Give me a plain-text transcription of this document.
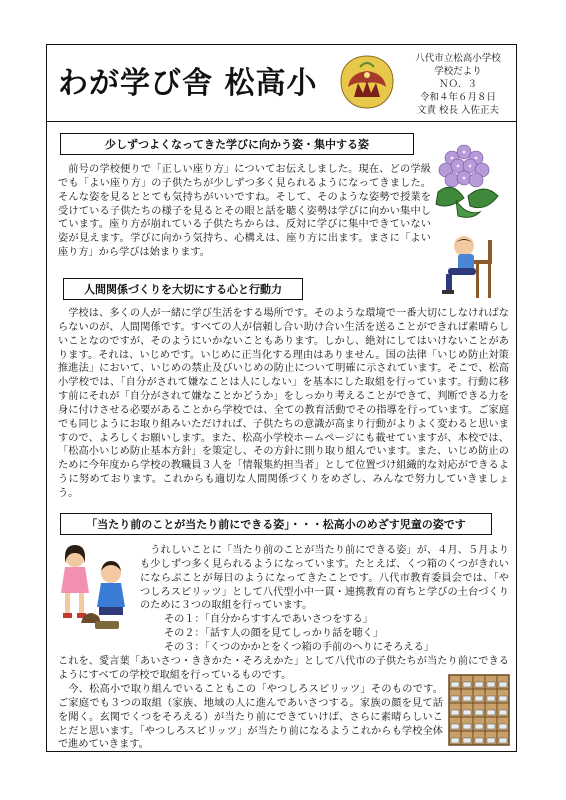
わが学び舎 松高小
八代市立松高小学校
学校だより
ＮＯ．３
令和４年６月８日
文責 校長 入佐正夫
少しずつよくなってきた学びに向かう姿・集中する姿
前号の学校便りで「正しい座り方」についてお伝えしました。現在、どの学級でも「よい座り方」の子供たちが少しずつ多く見られるようになってきました。そんな姿を見るととても気持ちがいいですね。そして、そのような姿勢で授業を受けている子供たちの様子を見るとその眼と話を聴く姿勢は学びに向かい集中しています。座り方が崩れている子供たちからは、反対に学びに集中できていない姿が見えます。学びに向かう気持ち、心構えは、座り方に出ます。まさに「よい座り方」から学びは始まります。
人間関係づくりを大切にする心と行動力
学校は、多くの人が一緒に学び生活をする場所です。そのような環境で一番大切にしなければならないのが、人間関係です。すべての人が信頼し合い助け合い生活を送ることができれば素晴らしいことなのですが、そのようにいかないこともあります。しかし、絶対にしてはいけないことがあります。それは、いじめです。いじめに正当化する理由はありません。国の法律「いじめ防止対策推進法」において、いじめの禁止及びいじめの防止について明確に示されています。そこで、松高小学校では、「自分がされて嫌なことは人にしない」を基本にした取組を行っています。行動に移す前にそれが「自分がされて嫌なことかどうか」をしっかり考えることができて、判断できる力を身に付けさせる必要があることから学校では、全ての教育活動でその指導を行っています。ご家庭でも同じようにお取り組みいただければ、子供たちの意識が高まり行動がよりよく変わると思いますので、よろしくお願いします。また、松高小学校ホームページにも載せていますが、本校では、「松高小いじめ防止基本方針」を策定し、その方針に則り取り組んでいます。また、いじめ防止のために今年度から学校の教職員３人を「情報集約担当者」として位置づけ組織的な対応ができるように努めております。これからも適切な人間関係づくりをめざし、みんなで努力していきましょう。
「当たり前のことが当たり前にできる姿」・・・松高小のめざす児童の姿です
うれしいことに「当たり前のことが当たり前にできる姿」が、４月、５月よりも少しずつ多く見られるようになっています。たとえば、くつ箱のくつがきれいにならぶことが毎日のようになってきたことです。八代市教育委員会では、「やつしろスピリッツ」として八代型小中一貫・連携教育の育ちと学びの土台づくりのために３つの取組を行っています。
その１：「自分からすすんであいさつをする」
その２：「話す人の顔を見てしっかり話を聴く」
その３：「くつのかかとをくつ箱の手前のへりにそろえる」
これを、愛言葉「あいさつ・ききかた・そろえかた」として八代市の子供たちが当たり前にできるようにすべての学校で取組を行っているものです。
今、松高小で取り組んでいることもこの「やつしろスピリッツ」そのものです。ご家庭でも３つの取組（家族、地域の人に進んであいさつする。家族の顔を見て話を聞く。玄関でくつをそろえる）が当たり前にできていけば、さらに素晴らしいことだと思います。「やつしろスピリッツ」が当たり前になるようこれからも学校全体で進めていきます。
